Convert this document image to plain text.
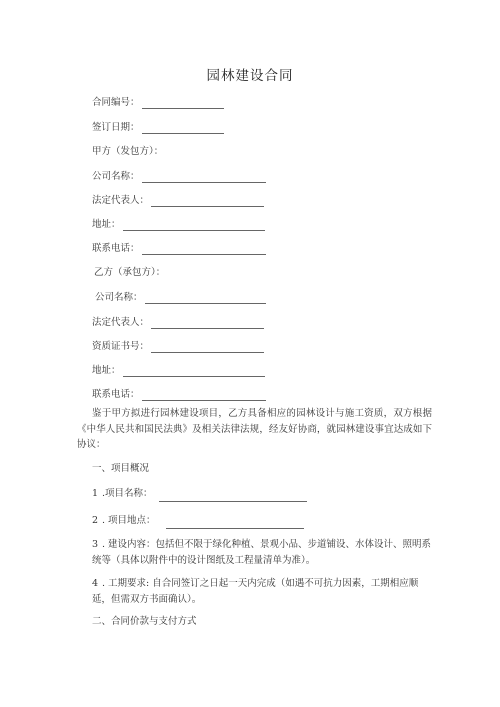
园林建设合同
合同编号：
签订日期：
甲方（发包方）：
公司名称：
法定代表人：
地址：
联系电话：
乙方（承包方）：
公司名称：
法定代表人：
资质证书号：
地址：
联系电话：
鉴于甲方拟进行园林建设项目，乙方具备相应的园林设计与施工资质，双方根据《中华人民共和国民法典》及相关法律法规，经友好协商，就园林建设事宜达成如下协议：
一、项目概况
1 .项目名称：
2 . 项目地点：
3 . 建设内容：包括但不限于绿化种植、景观小品、步道铺设、水体设计、照明系统等（具体以附件中的设计图纸及工程量清单为准）。
4 . 工期要求: 自合同签订之日起一天内完成（如遇不可抗力因素，工期相应顺延，但需双方书面确认）。
二、合同价款与支付方式
